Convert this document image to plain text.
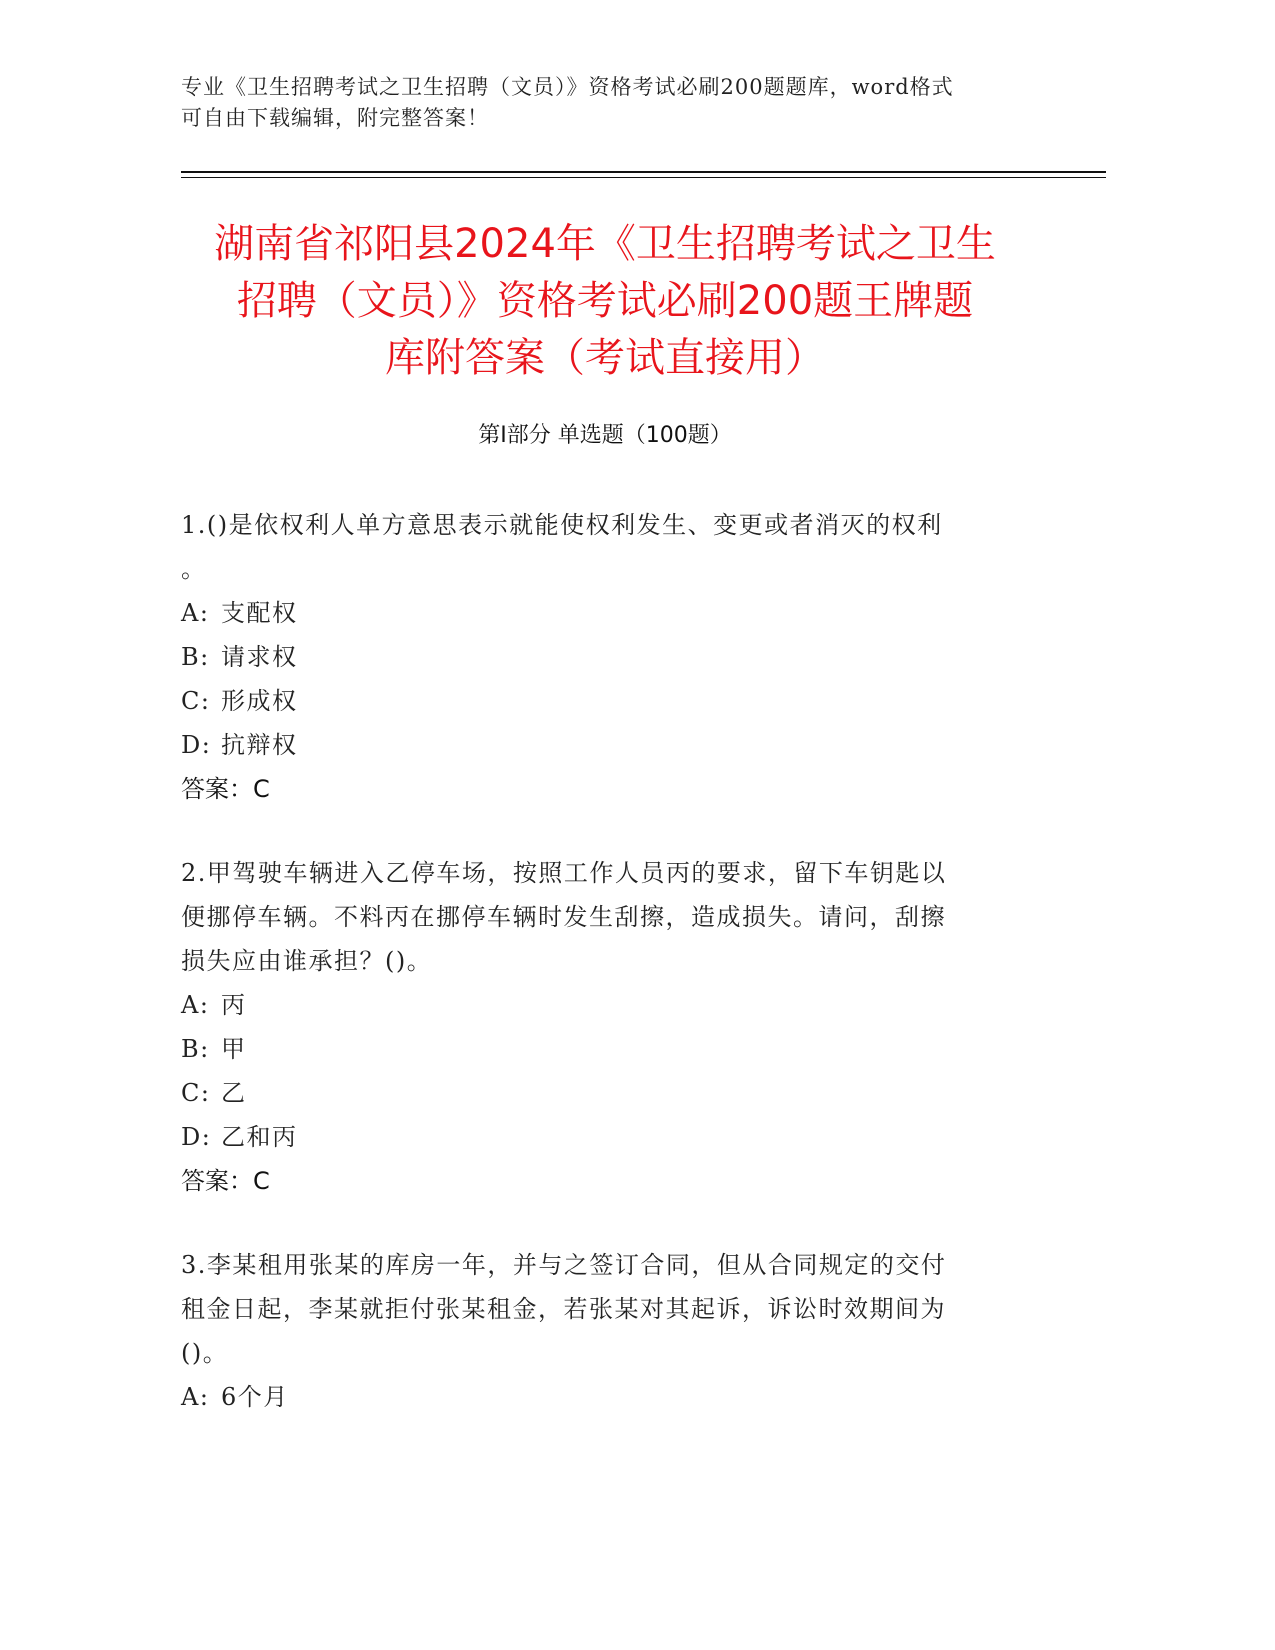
专业《卫生招聘考试之卫生招聘（文员）》资格考试必刷200题题库，word格式
可自由下载编辑，附完整答案！
湖南省祁阳县2024年《卫生招聘考试之卫生
招聘（文员）》资格考试必刷200题王牌题
库附答案（考试直接用）
第Ⅰ部分 单选题（100题）

1.()是依权利人单方意思表示就能使权利发生、变更或者消灭的权利

。

A: 支配权

B: 请求权

C: 形成权

D: 抗辩权

答案：C

2.甲驾驶车辆进入乙停车场，按照工作人员丙的要求，留下车钥匙以

便挪停车辆。不料丙在挪停车辆时发生刮擦，造成损失。请问，刮擦

损失应由谁承担？()。

A: 丙

B: 甲

C: 乙

D: 乙和丙

答案：C

3.李某租用张某的库房一年，并与之签订合同，但从合同规定的交付

租金日起，李某就拒付张某租金，若张某对其起诉，诉讼时效期间为

()。

A: 6个月
